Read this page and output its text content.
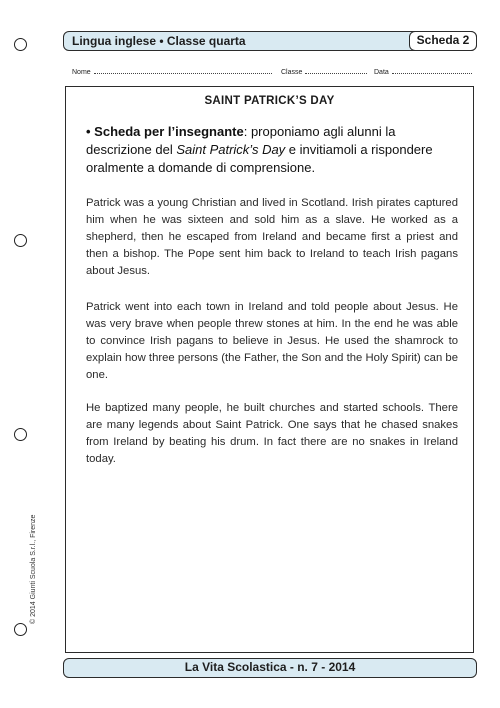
Lingua inglese • Classe quarta	Scheda 2
Nome	Classe	Data
SAINT PATRICK’S DAY
• Scheda per l’insegnante: proponiamo agli alunni la descrizione del Saint Patrick’s Day e invitiamoli a rispondere oralmente a domande di comprensione.

Patrick was a young Christian and lived in Scotland. Irish pirates captured him when he was sixteen and sold him as a slave. He worked as a shepherd, then he escaped from Ireland and became first a priest and then a bishop. The Pope sent him back to Ireland to teach Irish pagans about Jesus.

Patrick went into each town in Ireland and told people about Jesus. He was very brave when people threw stones at him. In the end he was able to convince Irish pagans to believe in Jesus. He used the shamrock to explain how three persons (the Father, the Son and the Holy Spirit) can be one.

He baptized many people, he built churches and started schools. There are many legends about Saint Patrick. One says that he chased snakes from Ireland by beating his drum. In fact there are no snakes in Ireland today.

© 2014 Giunti Scuola S.r.l., Firenze
La Vita Scolastica - n. 7 - 2014
